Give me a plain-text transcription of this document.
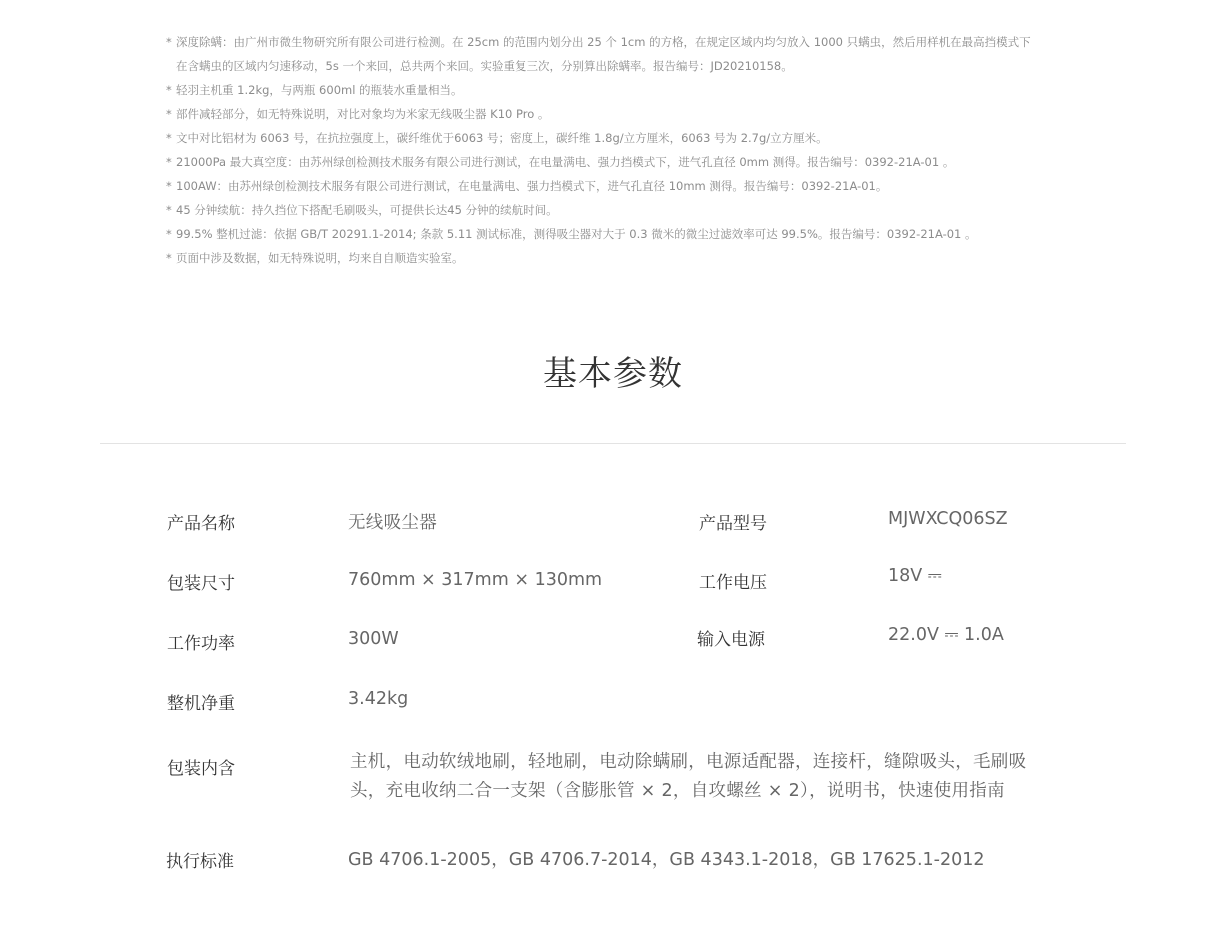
* 深度除螨：由广州市微生物研究所有限公司进行检测。在 25cm 的范围内划分出 25 个 1cm 的方格，在规定区域内均匀放入 1000 只螨虫，然后用样机在最高挡模式下
在含螨虫的区域内匀速移动，5s 一个来回，总共两个来回。实验重复三次，分别算出除螨率。报告编号：JD20210158。
* 轻羽主机重 1.2kg，与两瓶 600ml 的瓶装水重量相当。
* 部件减轻部分，如无特殊说明，对比对象均为米家无线吸尘器 K10 Pro 。
* 文中对比铝材为 6063 号，在抗拉强度上，碳纤维优于6063 号；密度上，碳纤维 1.8g/立方厘米，6063 号为 2.7g/立方厘米。
* 21000Pa 最大真空度：由苏州绿创检测技术服务有限公司进行测试，在电量满电、强力挡模式下，进气孔直径 0mm 测得。报告编号：0392-21A-01 。
* 100AW：由苏州绿创检测技术服务有限公司进行测试，在电量满电、强力挡模式下，进气孔直径 10mm 测得。报告编号：0392-21A-01。
* 45 分钟续航：持久挡位下搭配毛刷吸头，可提供长达45 分钟的续航时间。
* 99.5% 整机过滤：依据 GB/T 20291.1-2014; 条款 5.11 测试标准，测得吸尘器对大于 0.3 微米的微尘过滤效率可达 99.5%。报告编号：0392-21A-01 。
* 页面中涉及数据，如无特殊说明，均来自自顺造实验室。
基本参数
产品名称	无线吸尘器	产品型号	MJWXCQ06SZ
包装尺寸	760mm × 317mm × 130mm	工作电压	18V ⎓
工作功率	300W	输入电源	22.0V ⎓ 1.0A
整机净重	3.42kg
包装内含	主机，电动软绒地刷，轻地刷，电动除螨刷，电源适配器，连接杆，缝隙吸头，毛刷吸头，充电收纳二合一支架（含膨胀管 × 2，自攻螺丝 × 2），说明书，快速使用指南
执行标准	GB 4706.1-2005，GB 4706.7-2014，GB 4343.1-2018，GB 17625.1-2012
